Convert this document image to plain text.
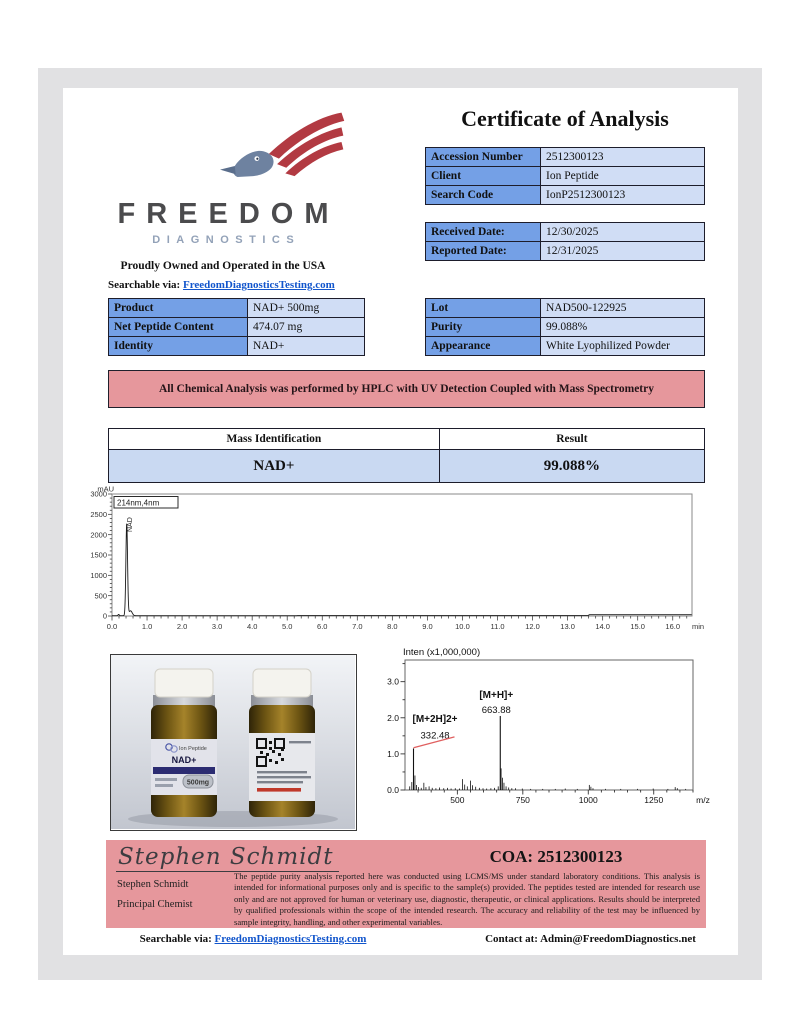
FREEDOM
DIAGNOSTICS
Proudly Owned and Operated in the USA
Searchable via: FreedomDiagnosticsTesting.com
Certificate of Analysis
Accession Number	2512300123
Client	Ion Peptide
Search Code	IonP2512300123
Received Date:	12/30/2025
Reported Date:	12/31/2025
Product	NAD+ 500mg
Net Peptide Content	474.07 mg
Identity	NAD+
Lot	NAD500-122925
Purity	99.088%
Appearance	White Lyophilized Powder
All Chemical Analysis was performed by HPLC with UV Detection Coupled with Mass Spectrometry
Mass Identification	Result
NAD+	99.088%
0
500
1000
1500
2000
2500
3000
mAU
0.0	1.0	2.0	3.0	4.0	5.0	6.0	7.0	8.0	9.0	10.0	11.0	12.0	13.0	14.0	15.0	16.0 min
214nm,4nm
NAD
Ion Peptide
NAD+
500mg
Inten (x1,000,000)
0.0
1.0
2.0
3.0
500	750	1000	1250	m/z
[M+H]+
663.88
[M+2H]2+
332.48
Stephen Schmidt	COA: 2512300123
Stephen Schmidt
Principal Chemist
The peptide purity analysis reported here was conducted using LCMS/MS under standard laboratory conditions. This analysis is intended for informational purposes only and is specific to the sample(s) provided. The peptides tested are intended for research use only and are not approved for human or veterinary use, diagnostic, therapeutic, or clinical applications. Results should be interpreted by qualified professionals within the scope of the intended research. The accuracy and reliability of the test may be influenced by sample integrity, handling, and other experimental variables.
Searchable via: FreedomDiagnosticsTesting.com	Contact at: Admin@FreedomDiagnostics.net
